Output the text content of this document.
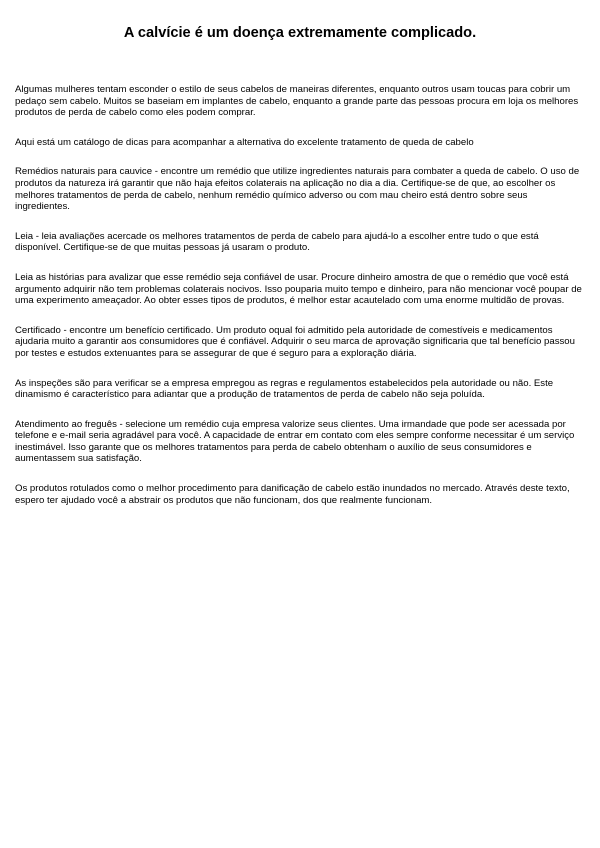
A calvície é um doença extremamente complicado.

Algumas mulheres tentam esconder o estilo de seus cabelos de maneiras diferentes, enquanto outros usam toucas para cobrir um pedaço sem cabelo. Muitos se baseiam em implantes de cabelo, enquanto a grande parte das pessoas procura em loja os melhores produtos de perda de cabelo como eles podem comprar.

Aqui está um catálogo de dicas para acompanhar a alternativa do excelente tratamento de queda de cabelo

Remédios naturais para cauvice - encontre um remédio que utilize ingredientes naturais para combater a queda de cabelo. O uso de produtos da natureza irá garantir que não haja efeitos colaterais na aplicação no dia a dia. Certifique-se de que, ao escolher os melhores tratamentos de perda de cabelo, nenhum remédio químico adverso ou com mau cheiro está dentro sobre seus ingredientes.

Leia - leia avaliações acercade os melhores tratamentos de perda de cabelo para ajudá-lo a escolher entre tudo o que está disponível. Certifique-se de que muitas pessoas já usaram o produto.

Leia as histórias para avalizar que esse remédio seja confiável de usar. Procure dinheiro amostra de que o remédio que você está argumento adquirir não tem problemas colaterais nocivos. Isso pouparia muito tempo e dinheiro, para não mencionar você poupar de uma experimento ameaçador. Ao obter esses tipos de produtos, é melhor estar acautelado com uma enorme multidão de provas.

Certificado - encontre um benefício certificado. Um produto oqual foi admitido pela autoridade de comestíveis e medicamentos ajudaria muito a garantir aos consumidores que é confiável. Adquirir o seu marca de aprovação significaria que tal benefício passou por testes e estudos extenuantes para se assegurar de que é seguro para a exploração diária.

As inspeções são para verificar se a empresa empregou as regras e regulamentos estabelecidos pela autoridade ou não. Este dinamismo é característico para adiantar que a produção de tratamentos de perda de cabelo não seja poluída.

Atendimento ao freguês - selecione um remédio cuja empresa valorize seus clientes. Uma irmandade que pode ser acessada por telefone e e-mail seria agradável para você. A capacidade de entrar em contato com eles sempre conforme necessitar é um serviço inestimável. Isso garante que os melhores tratamentos para perda de cabelo obtenham o auxílio de seus consumidores e aumentassem sua satisfação.

Os produtos rotulados como o melhor procedimento para danificação de cabelo estão inundados no mercado. Através deste texto, espero ter ajudado você a abstrair os produtos que não funcionam, dos que realmente funcionam.
